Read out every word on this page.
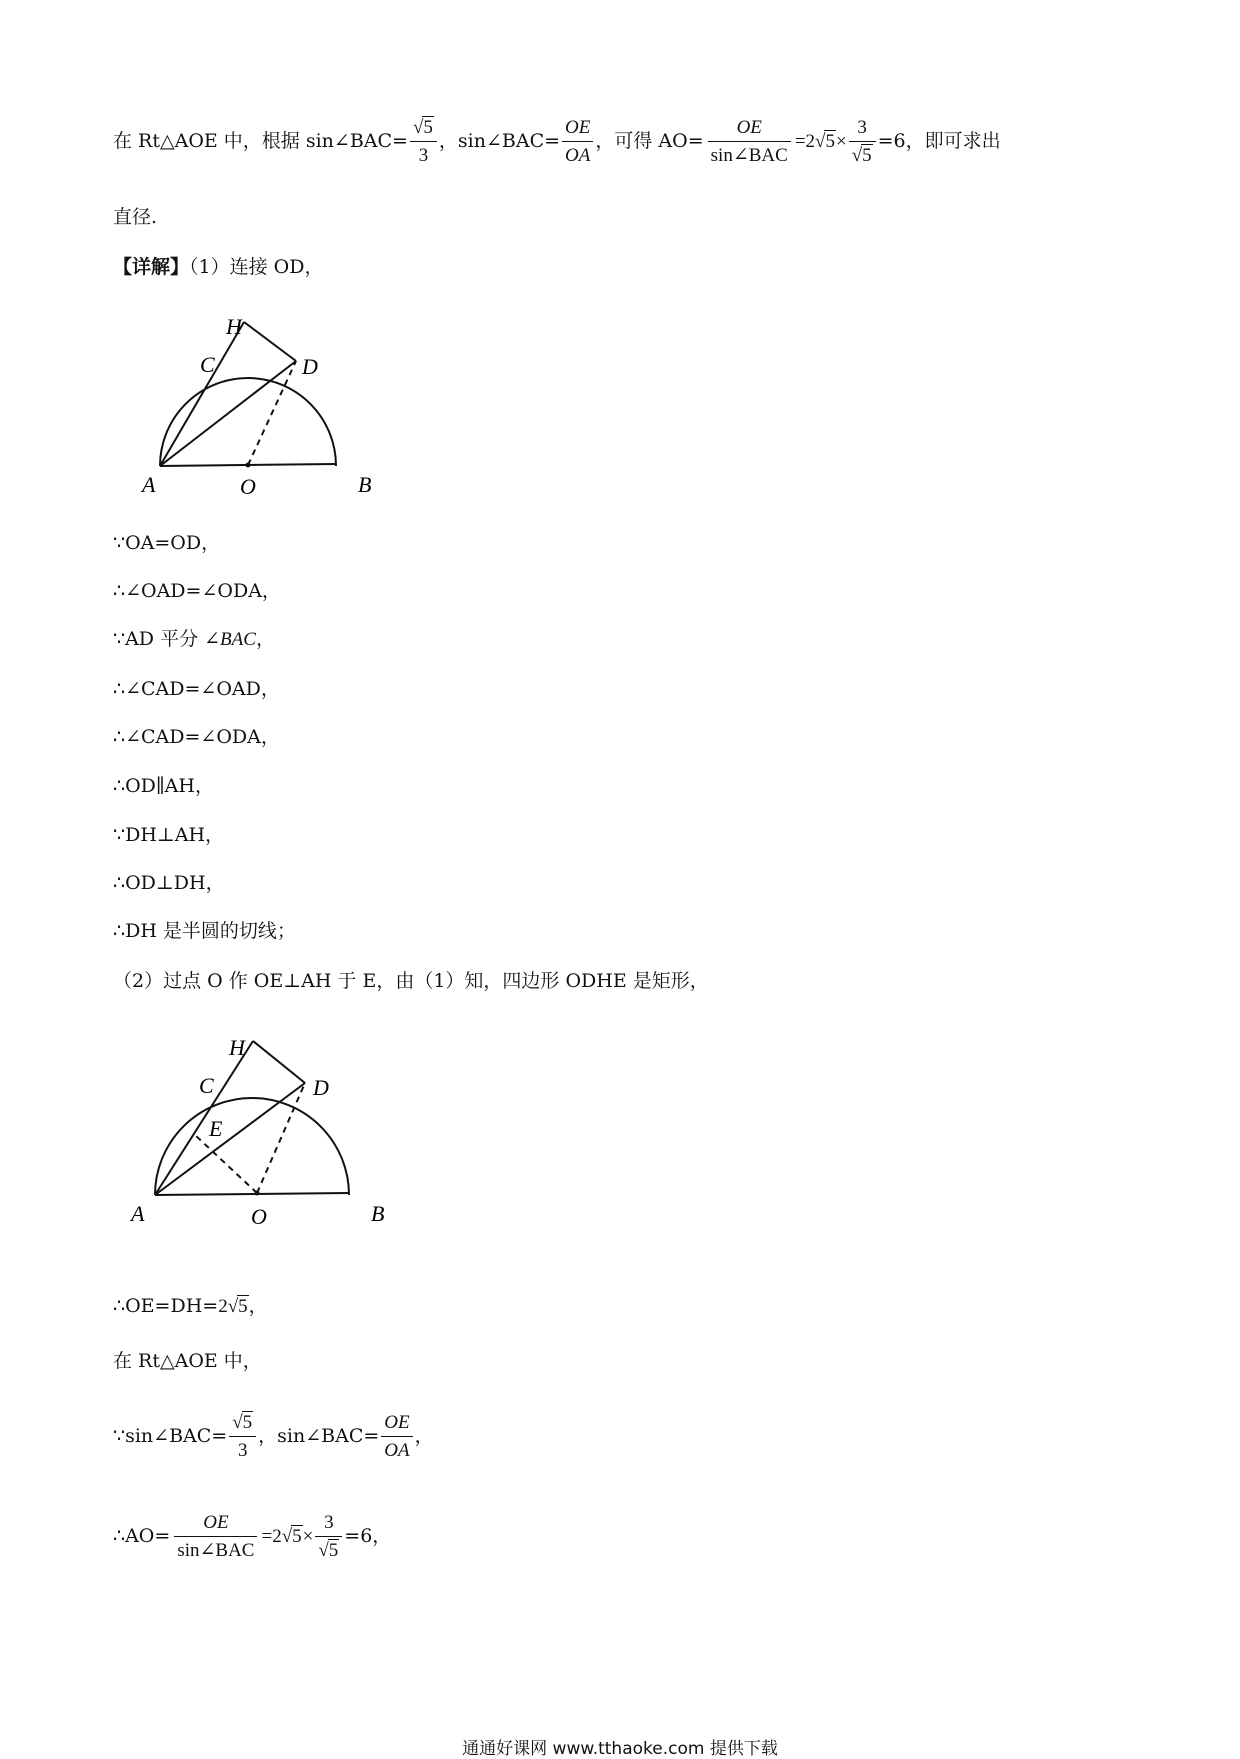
在 Rt△AOE 中，根据 sin∠BAC= $\frac{√5}{3}$ ，sin∠BAC= $\frac{OE}{OA}$ ，可得 $AO= \frac{OE}{\text{sin∠BAC}} =2√5\times \frac{3}{√5} =6$，即可求出
直径.
【详解】（1）连接 OD，
H
C	D
A	O	B
∵OA=OD，
∴∠OAD=∠ODA，
∵AD 平分 ∠BAC，
∴∠CAD=∠OAD，
∴∠CAD=∠ODA，
∴OD∥AH，
∵DH⊥AH，
∴OD⊥DH，
∴DH 是半圆的切线；
（2）过点 O 作 OE⊥AH 于 E，由（1）知，四边形 ODHE 是矩形，
H
C	D
E
A	O	B
∴OE=DH=2√5，
在 Rt△AOE 中，
∵sin∠BAC= $\frac{√5}{3}$ ，sin∠BAC= $\frac{OE}{OA}$ ，
∴AO= $\frac{OE}{\text{sin∠BAC}} =2√5\times \frac{3}{√5} =6$，
通通好课网 www.tthaoke.com 提供下载
